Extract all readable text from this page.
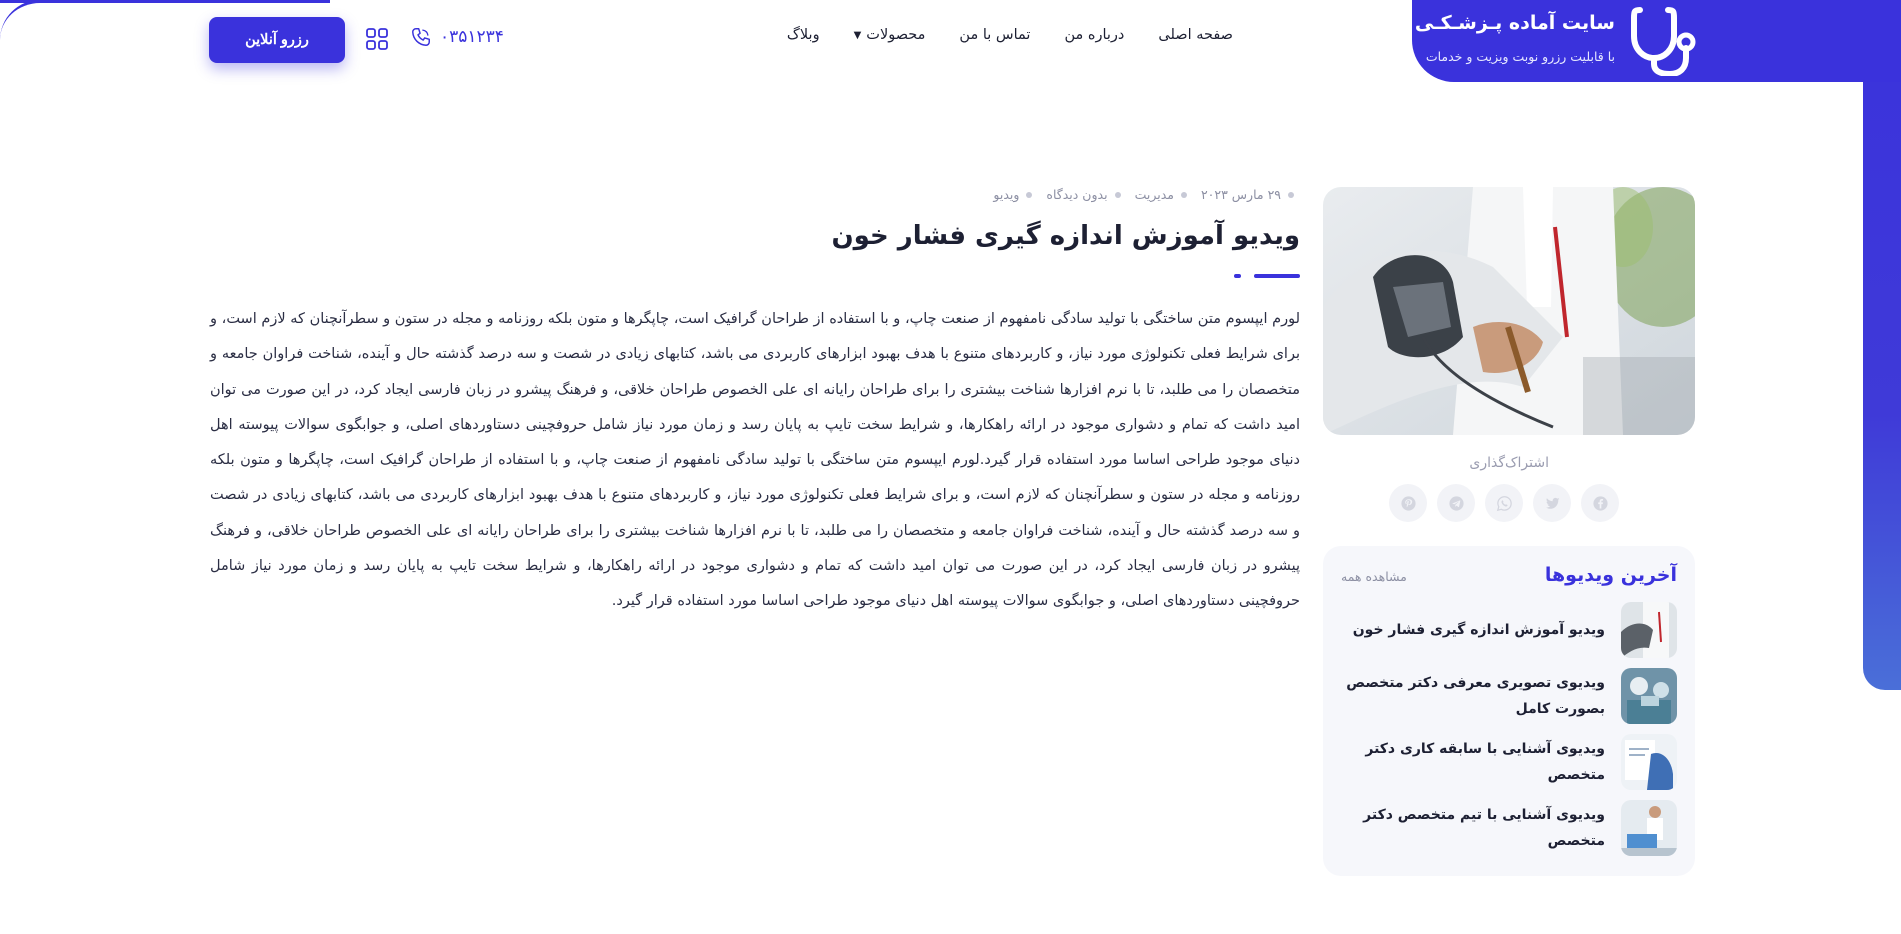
سایت آماده پـزشـکـی
با قابلیت رزرو نوبت ویزیت و خدمات
صفحه اصلی
درباره من
تماس با من
محصولات
▼
وبلاگ
۰۳۵۱۲۳۴
رزرو آنلاین
۲۹ مارس ۲۰۲۳
مدیریت
بدون دیدگاه
ویدیو
ویدیو آموزش اندازه گیری فشار خون

لورم ایپسوم متن ساختگی با تولید سادگی نامفهوم از صنعت چاپ، و با استفاده از طراحان گرافیک است، چاپگرها و متون بلکه روزنامه و مجله در ستون و سطرآنچنان که لازم است، و برای شرایط فعلی تکنولوژی مورد نیاز، و کاربردهای متنوع با هدف بهبود ابزارهای کاربردی می باشد، کتابهای زیادی در شصت و سه درصد گذشته حال و آینده، شناخت فراوان جامعه و متخصصان را می طلبد، تا با نرم افزارها شناخت بیشتری را برای طراحان رایانه ای علی الخصوص طراحان خلاقی، و فرهنگ پیشرو در زبان فارسی ایجاد کرد، در این صورت می توان امید داشت که تمام و دشواری موجود در ارائه راهکارها، و شرایط سخت تایپ به پایان رسد و زمان مورد نیاز شامل حروفچینی دستاوردهای اصلی، و جوابگوی سوالات پیوسته اهل دنیای موجود طراحی اساسا مورد استفاده قرار گیرد.لورم ایپسوم متن ساختگی با تولید سادگی نامفهوم از صنعت چاپ، و با استفاده از طراحان گرافیک است، چاپگرها و متون بلکه روزنامه و مجله در ستون و سطرآنچنان که لازم است، و برای شرایط فعلی تکنولوژی مورد نیاز، و کاربردهای متنوع با هدف بهبود ابزارهای کاربردی می باشد، کتابهای زیادی در شصت و سه درصد گذشته حال و آینده، شناخت فراوان جامعه و متخصصان را می طلبد، تا با نرم افزارها شناخت بیشتری را برای طراحان رایانه ای علی الخصوص طراحان خلاقی، و فرهنگ پیشرو در زبان فارسی ایجاد کرد، در این صورت می توان امید داشت که تمام و دشواری موجود در ارائه راهکارها، و شرایط سخت تایپ به پایان رسد و زمان مورد نیاز شامل حروفچینی دستاوردهای اصلی، و جوابگوی سوالات پیوسته اهل دنیای موجود طراحی اساسا مورد استفاده قرار گیرد.

اشتراک‌گذاری
آخرین ویدیوها
مشاهده همه
ویدیو آموزش اندازه گیری فشار خون
ویدیوی تصویری معرفی دکتر متخصص بصورت کامل
ویدیوی آشنایی با سابقه کاری دکتر متخصص
ویدیوی آشنایی با تیم متخصص دکتر متخصص
